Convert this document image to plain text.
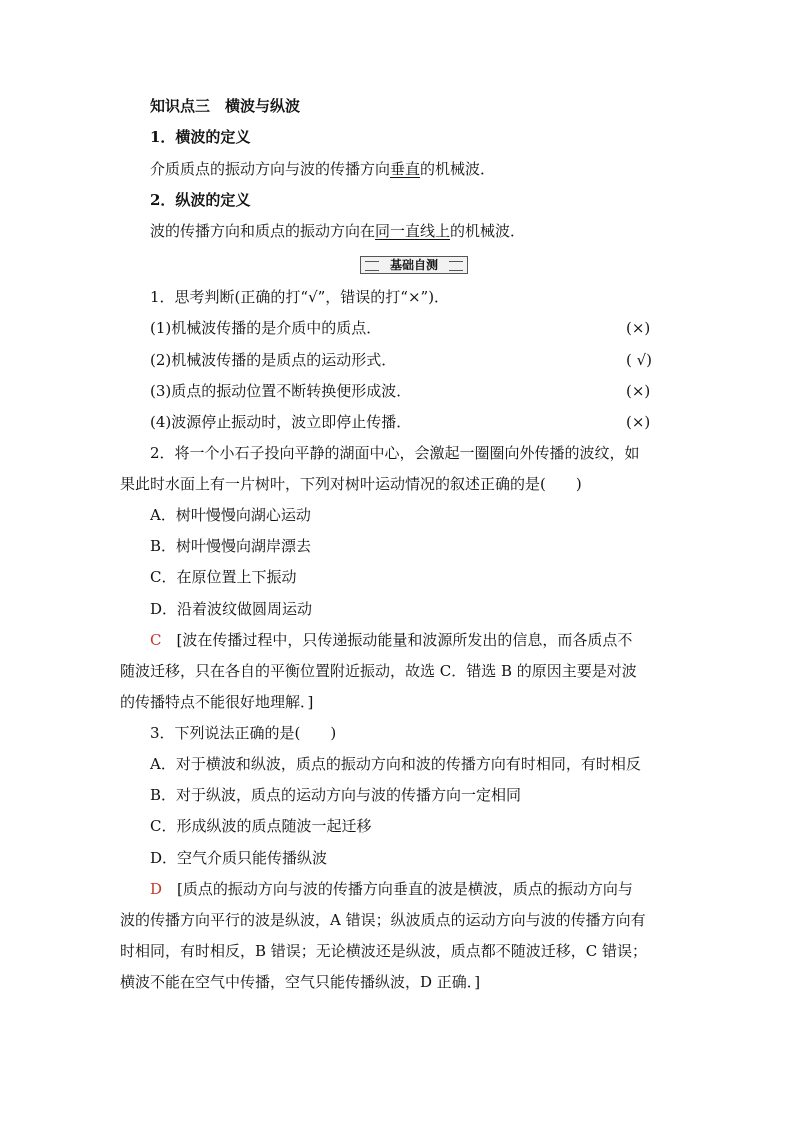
知识点三　横波与纵波
1．横波的定义
介质质点的振动方向与波的传播方向垂直的机械波．
2．纵波的定义
波的传播方向和质点的振动方向在同一直线上的机械波．
基础自测
1．思考判断(正确的打“√”，错误的打“×”)．
(1)机械波传播的是介质中的质点．	(×)
(2)机械波传播的是质点的运动形式．	( √)
(3)质点的振动位置不断转换便形成波．	(×)
(4)波源停止振动时，波立即停止传播．	(×)
2．将一个小石子投向平静的湖面中心，会激起一圈圈向外传播的波纹，如
果此时水面上有一片树叶，下列对树叶运动情况的叙述正确的是(　　)
A．树叶慢慢向湖心运动
B．树叶慢慢向湖岸漂去
C．在原位置上下振动
D．沿着波纹做圆周运动
C　[波在传播过程中，只传递振动能量和波源所发出的信息，而各质点不
随波迁移，只在各自的平衡位置附近振动，故选 C．错选 B 的原因主要是对波
的传播特点不能很好地理解．]
3．下列说法正确的是(　　)
A．对于横波和纵波，质点的振动方向和波的传播方向有时相同，有时相反
B．对于纵波，质点的运动方向与波的传播方向一定相同
C．形成纵波的质点随波一起迁移
D．空气介质只能传播纵波
D　[质点的振动方向与波的传播方向垂直的波是横波，质点的振动方向与
波的传播方向平行的波是纵波，A 错误；纵波质点的运动方向与波的传播方向有
时相同，有时相反，B 错误；无论横波还是纵波，质点都不随波迁移，C 错误；
横波不能在空气中传播，空气只能传播纵波，D 正确．]
